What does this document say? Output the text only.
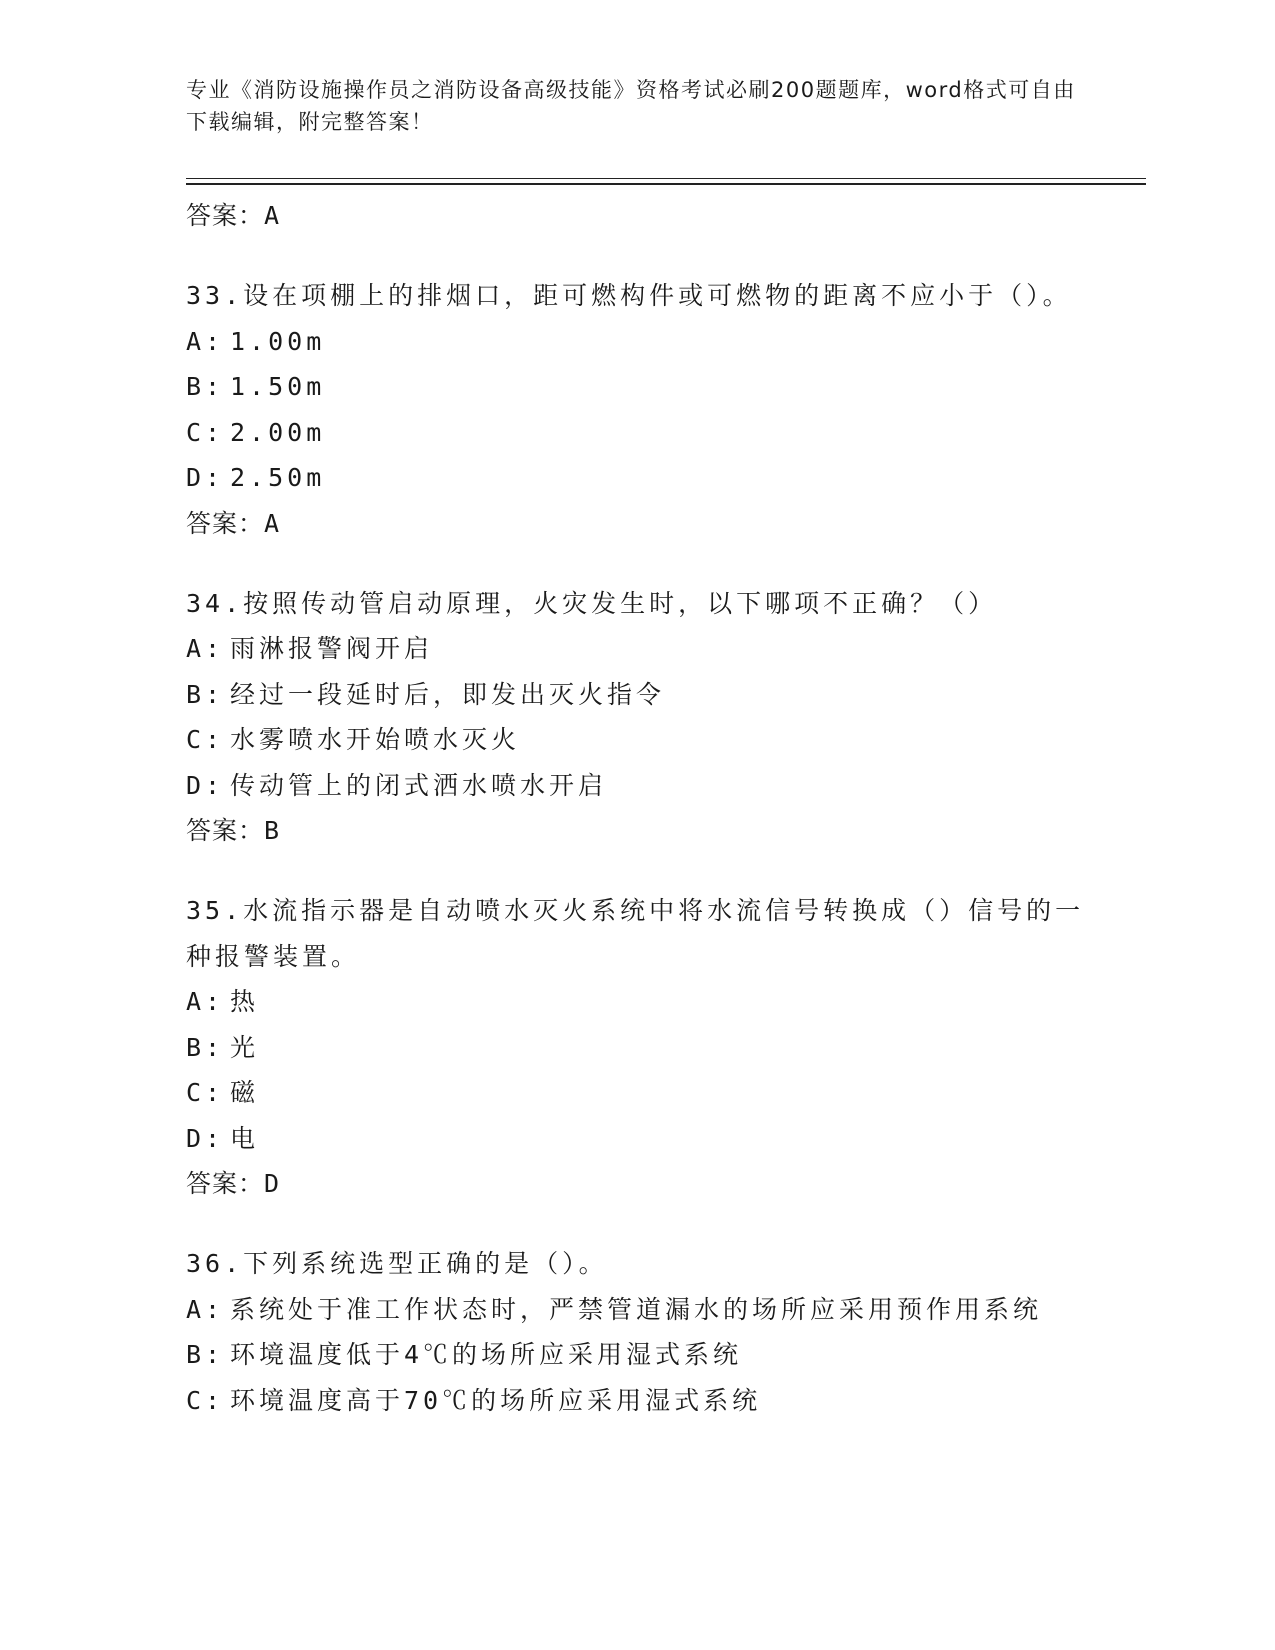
专业《消防设施操作员之消防设备高级技能》资格考试必刷200题题库，word格式可自由下载编辑，附完整答案！
答案：A
33.设在项棚上的排烟口，距可燃构件或可燃物的距离不应小于（）。
A: 1.00m
B: 1.50m
C: 2.00m
D: 2.50m
答案：A
34.按照传动管启动原理，火灾发生时，以下哪项不正确？（）
A: 雨淋报警阀开启
B: 经过一段延时后，即发出灭火指令
C: 水雾喷水开始喷水灭火
D: 传动管上的闭式洒水喷水开启
答案：B
35.水流指示器是自动喷水灭火系统中将水流信号转换成（）信号的一种报警装置。
A: 热
B: 光
C: 磁
D: 电
答案：D
36.下列系统选型正确的是（）。
A: 系统处于准工作状态时，严禁管道漏水的场所应采用预作用系统
B: 环境温度低于4℃的场所应采用湿式系统
C: 环境温度高于70℃的场所应采用湿式系统
